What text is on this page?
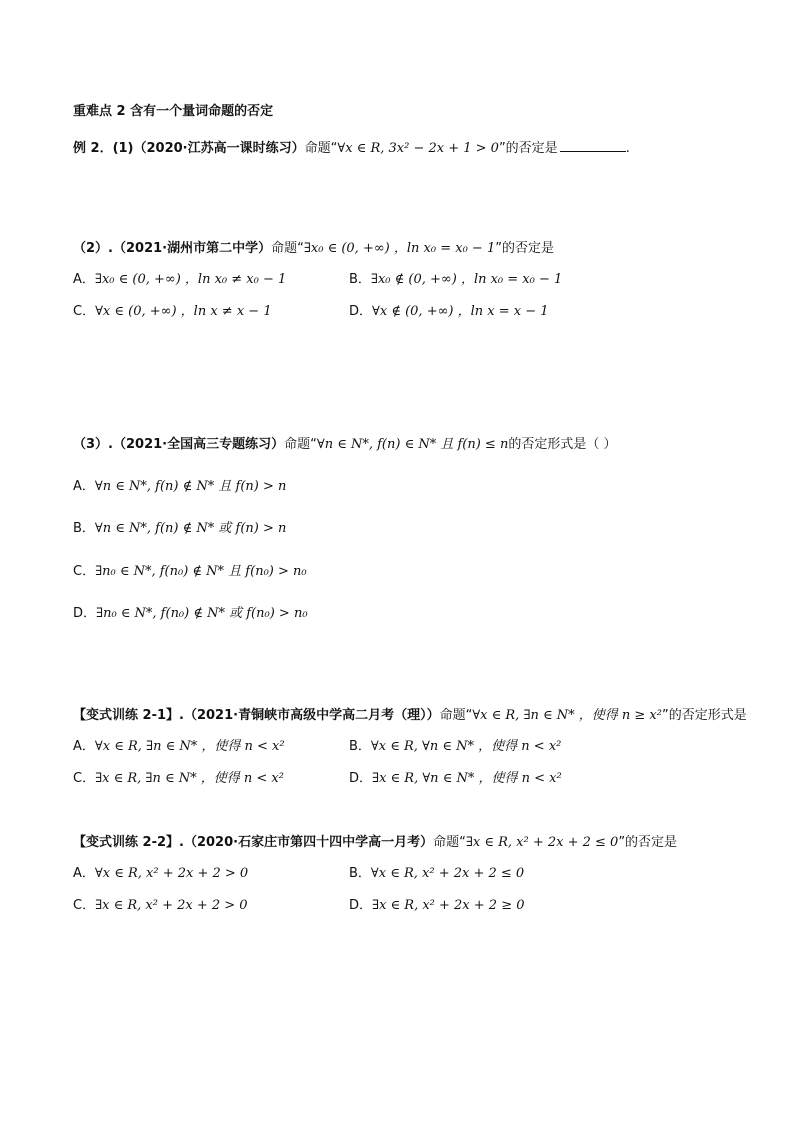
重难点 2 含有一个量词命题的否定
例 2．(1)（2020·江苏高一课时练习）命题“∀x ∈ R, 3x² − 2x + 1 > 0”的否定是	.
（2）.（2021·湖州市第二中学）命题“∃x₀ ∈ (0, +∞) ，ln x₀ = x₀ − 1”的否定是
A．∃x₀ ∈ (0, +∞) ，ln x₀ ≠ x₀ − 1	B．∃x₀ ∉ (0, +∞) ，ln x₀ = x₀ − 1
C．∀x ∈ (0, +∞) ，ln x ≠ x − 1	D．∀x ∉ (0, +∞) ，ln x = x − 1
（3）.（2021·全国高三专题练习）命题“∀n ∈ N*, f(n) ∈ N* 且 f(n) ≤ n的否定形式是（ ）
A．∀n ∈ N*, f(n) ∉ N* 且 f(n) > n
B．∀n ∈ N*, f(n) ∉ N* 或 f(n) > n
C．∃n₀ ∈ N*, f(n₀) ∉ N* 且 f(n₀) > n₀
D．∃n₀ ∈ N*, f(n₀) ∉ N* 或 f(n₀) > n₀
【变式训练 2-1】.（2021·青铜峡市高级中学高二月考（理））命题“∀x ∈ R, ∃n ∈ N* ，使得 n ≥ x²”的否定形式是
A．∀x ∈ R, ∃n ∈ N* ，使得 n < x²	B．∀x ∈ R, ∀n ∈ N* ，使得 n < x²
C．∃x ∈ R, ∃n ∈ N* ，使得 n < x²	D．∃x ∈ R, ∀n ∈ N* ，使得 n < x²
【变式训练 2-2】.（2020·石家庄市第四十四中学高一月考）命题“∃x ∈ R, x² + 2x + 2 ≤ 0”的否定是
A．∀x ∈ R, x² + 2x + 2 > 0	B．∀x ∈ R, x² + 2x + 2 ≤ 0
C．∃x ∈ R, x² + 2x + 2 > 0	D．∃x ∈ R, x² + 2x + 2 ≥ 0
